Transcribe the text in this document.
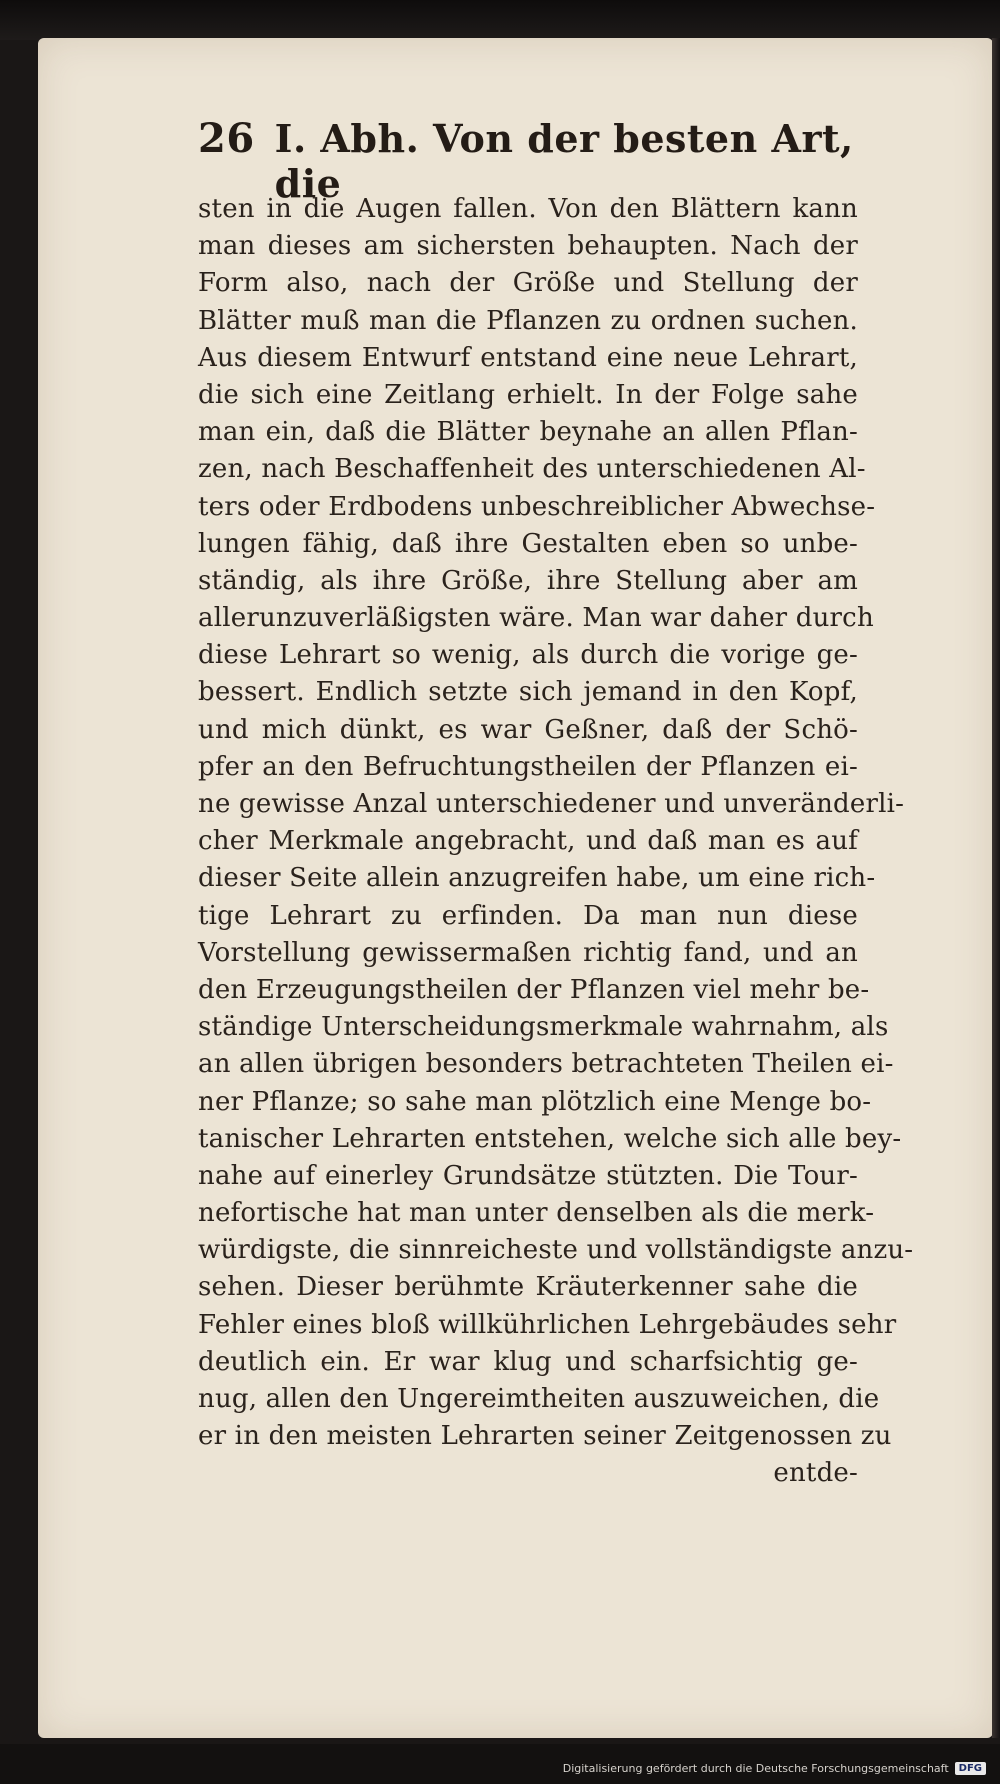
26 I. Abh. Von der besten Art, die
sten in die Augen fallen. Von den Blättern kann
man dieses am sichersten behaupten. Nach der
Form also, nach der Größe und Stellung der
Blätter muß man die Pflanzen zu ordnen suchen.
Aus diesem Entwurf entstand eine neue Lehrart,
die sich eine Zeitlang erhielt. In der Folge sahe
man ein, daß die Blätter beynahe an allen Pflan-
zen, nach Beschaffenheit des unterschiedenen Al-
ters oder Erdbodens unbeschreiblicher Abwechse-
lungen fähig, daß ihre Gestalten eben so unbe-
ständig, als ihre Größe, ihre Stellung aber am
allerunzuverläßigsten wäre. Man war daher durch
diese Lehrart so wenig, als durch die vorige ge-
bessert. Endlich setzte sich jemand in den Kopf,
und mich dünkt, es war Geßner, daß der Schö-
pfer an den Befruchtungstheilen der Pflanzen ei-
ne gewisse Anzal unterschiedener und unveränderli-
cher Merkmale angebracht, und daß man es auf
dieser Seite allein anzugreifen habe, um eine rich-
tige Lehrart zu erfinden. Da man nun diese
Vorstellung gewissermaßen richtig fand, und an
den Erzeugungstheilen der Pflanzen viel mehr be-
ständige Unterscheidungsmerkmale wahrnahm, als
an allen übrigen besonders betrachteten Theilen ei-
ner Pflanze; so sahe man plötzlich eine Menge bo-
tanischer Lehrarten entstehen, welche sich alle bey-
nahe auf einerley Grundsätze stützten. Die Tour-
nefortische hat man unter denselben als die merk-
würdigste, die sinnreicheste und vollständigste anzu-
sehen. Dieser berühmte Kräuterkenner sahe die
Fehler eines bloß willkührlichen Lehrgebäudes sehr
deutlich ein. Er war klug und scharfsichtig ge-
nug, allen den Ungereimtheiten auszuweichen, die
er in den meisten Lehrarten seiner Zeitgenossen zu
entde-
Digitalisierung gefördert durch die Deutsche Forschungsgemeinschaft	DFG
